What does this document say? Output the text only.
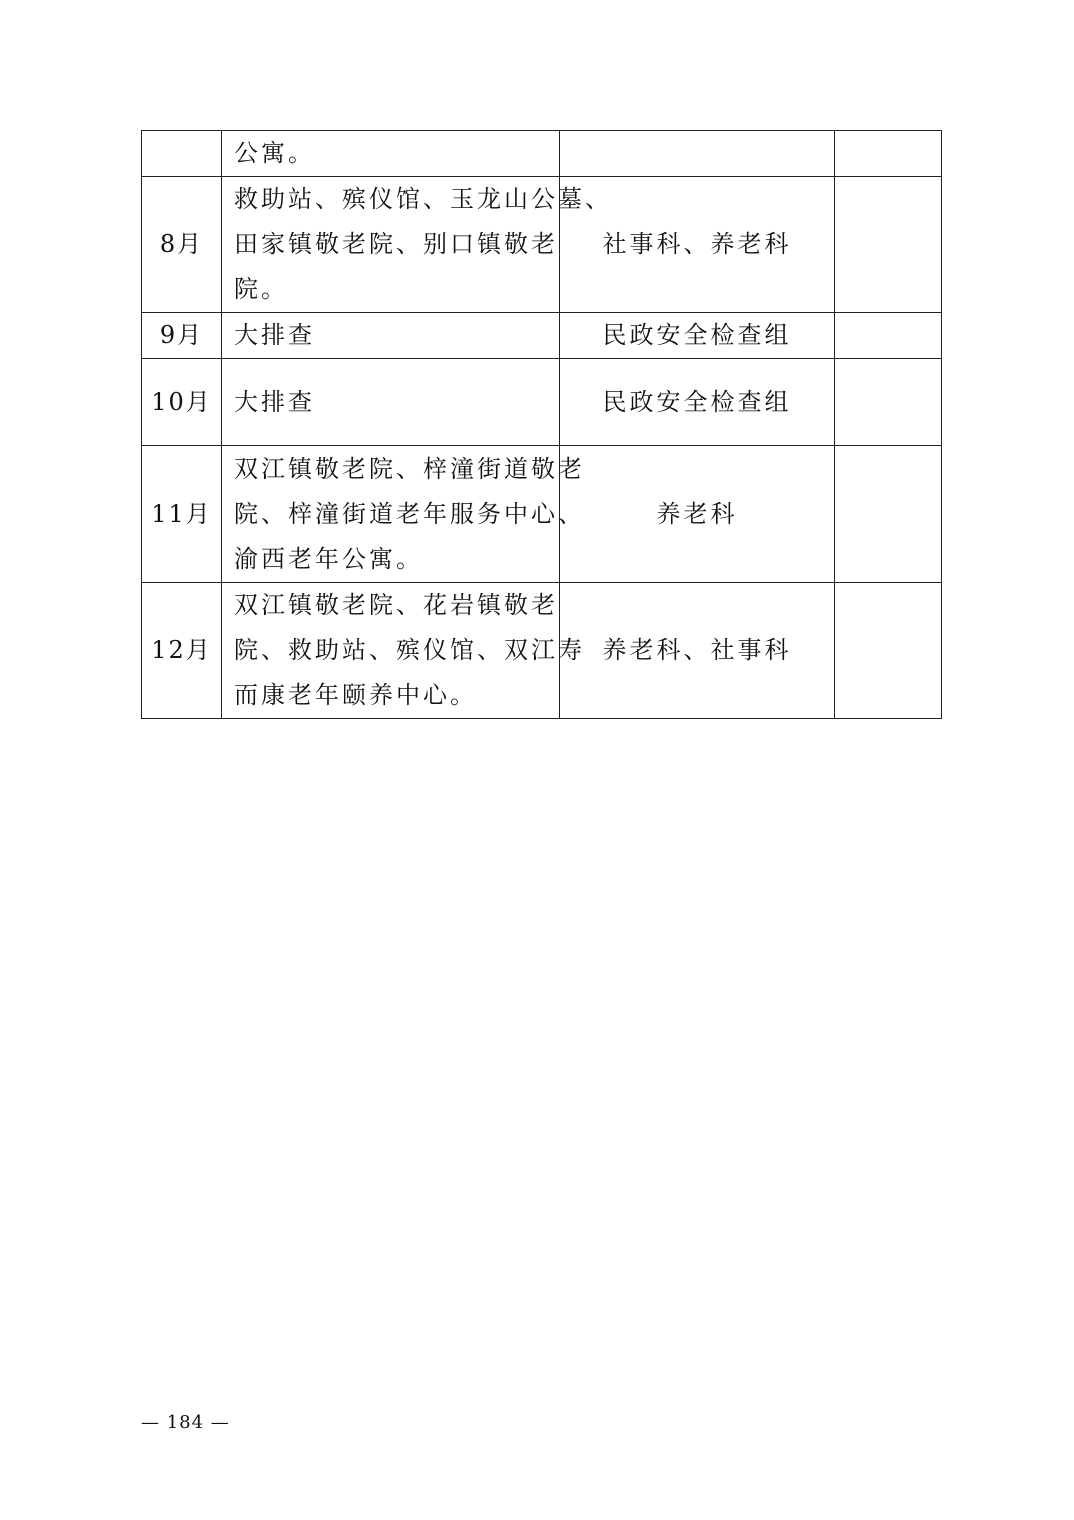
	公寓。		

8月	救助站、殡仪馆、玉龙山公墓、
田家镇敬老院、别口镇敬老
院。	社事科、养老科	
9月	大排查	民政安全检查组	
10月	大排查	民政安全检查组	
11月	双江镇敬老院、梓潼街道敬老
院、梓潼街道老年服务中心、
渝西老年公寓。	养老科	
12月	双江镇敬老院、花岩镇敬老
院、救助站、殡仪馆、双江寿
而康老年颐养中心。	养老科、社事科	
— 184 —
